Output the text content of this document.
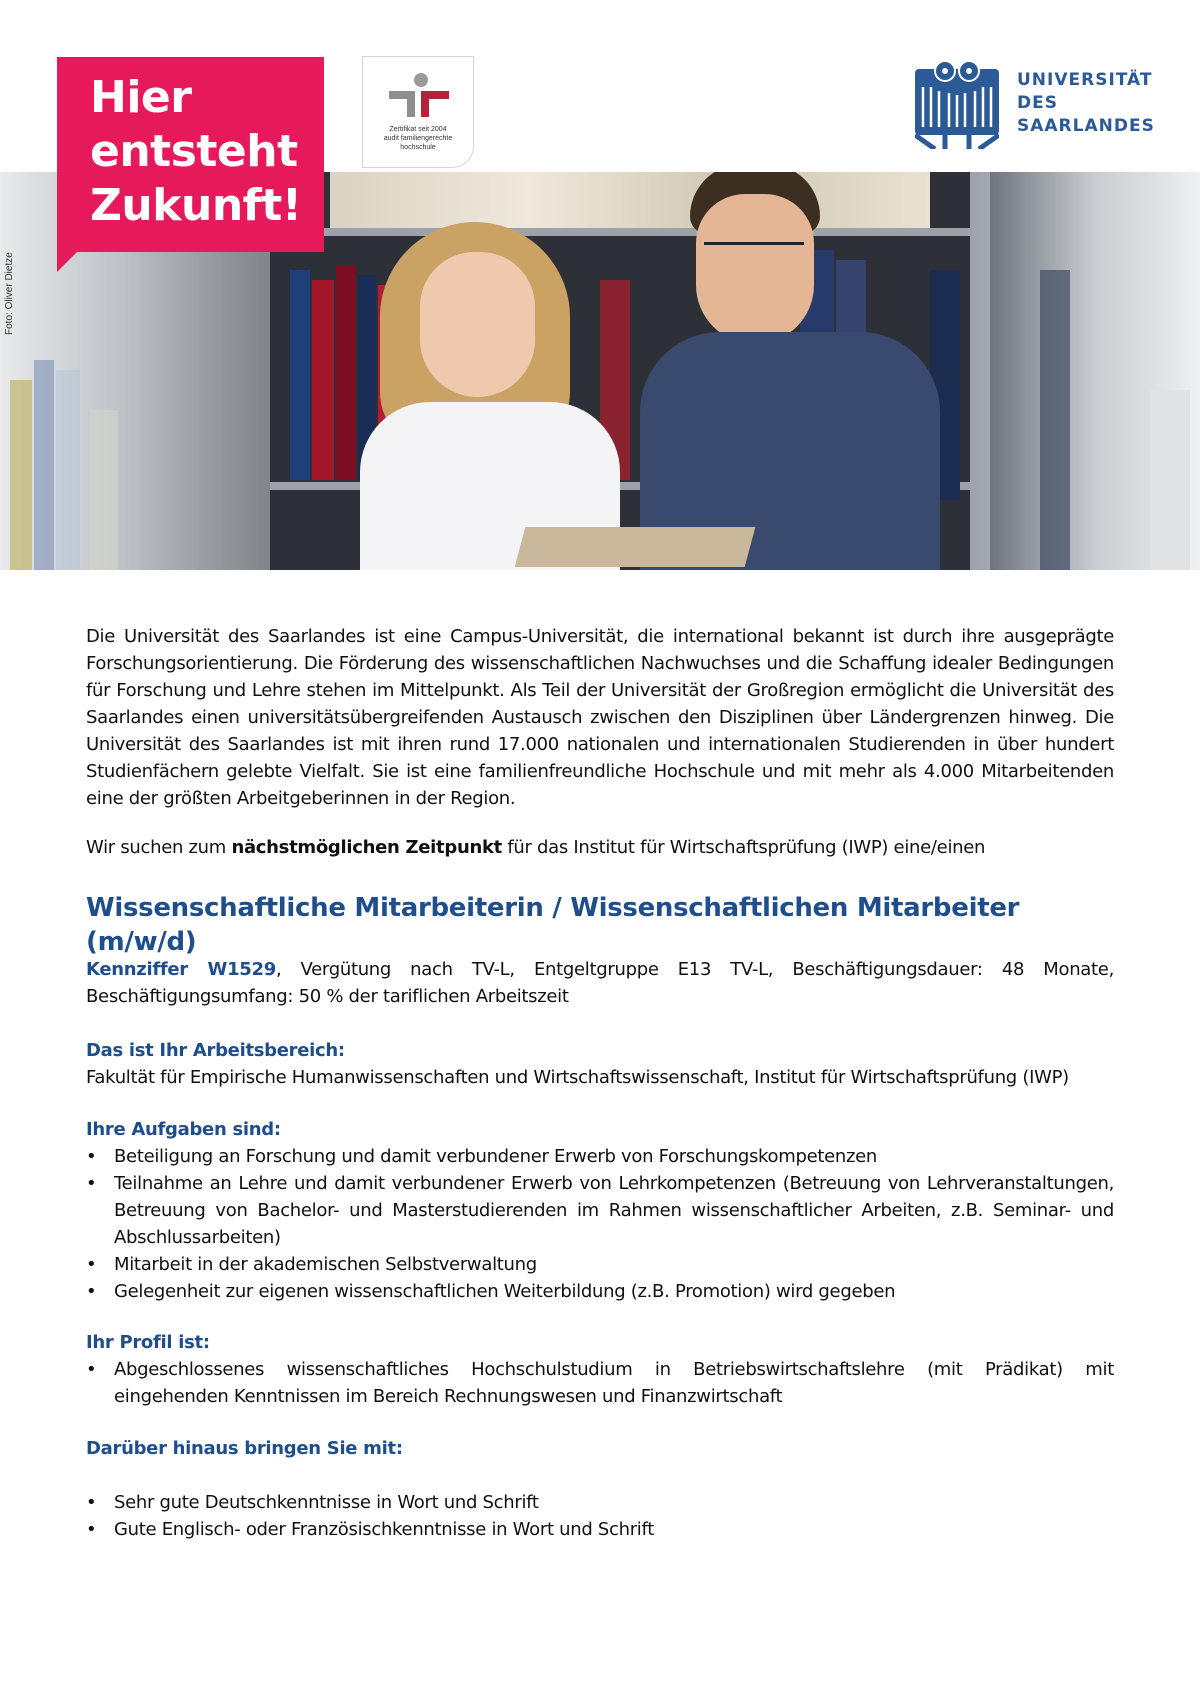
Foto: Oliver Dietze
Hier
entsteht
Zukunft!
Zertifikat seit 2004
audit familiengerechte
hochschule
UNIVERSITÄT
DES
SAARLANDES

Die Universität des Saarlandes ist eine Campus-Universität, die international bekannt ist durch ihre ausgeprägte Forschungsorientierung. Die Förderung des wissenschaftlichen Nachwuchses und die Schaffung idealer Bedingungen für Forschung und Lehre stehen im Mittelpunkt. Als Teil der Universität der Großregion ermöglicht die Universität des Saarlandes einen universitätsübergreifenden Austausch zwischen den Disziplinen über Ländergrenzen hinweg. Die Universität des Saarlandes ist mit ihren rund 17.000 nationalen und internationalen Studierenden in über hundert Studienfächern gelebte Vielfalt. Sie ist eine familienfreundliche Hochschule und mit mehr als 4.000 Mitarbeitenden eine der größten Arbeitgeberinnen in der Region.

Wir suchen zum nächstmöglichen Zeitpunkt für das Institut für Wirtschaftsprüfung (IWP) eine/einen

Wissenschaftliche Mitarbeiterin / Wissenschaftlichen Mitarbeiter (m/w/d)

Kennziffer W1529, Vergütung nach TV-L, Entgeltgruppe E13 TV-L, Beschäftigungsdauer: 48 Monate, Beschäftigungsumfang: 50 % der tariflichen Arbeitszeit

Das ist Ihr Arbeitsbereich:
Fakultät für Empirische Humanwissenschaften und Wirtschaftswissenschaft, Institut für Wirtschaftsprüfung (IWP)
Ihre Aufgaben sind:
• Beteiligung an Forschung und damit verbundener Erwerb von Forschungskompetenzen
• Teilnahme an Lehre und damit verbundener Erwerb von Lehrkompetenzen (Betreuung von Lehrveranstaltungen, Betreuung von Bachelor- und Masterstudierenden im Rahmen wissenschaftlicher Arbeiten, z.B. Seminar- und Abschlussarbeiten)
• Mitarbeit in der akademischen Selbstverwaltung
• Gelegenheit zur eigenen wissenschaftlichen Weiterbildung (z.B. Promotion) wird gegeben
Ihr Profil ist:
• Abgeschlossenes wissenschaftliches Hochschulstudium in Betriebswirtschaftslehre (mit Prädikat) mit eingehenden Kenntnissen im Bereich Rechnungswesen und Finanzwirtschaft
Darüber hinaus bringen Sie mit:
• Sehr gute Deutschkenntnisse in Wort und Schrift
• Gute Englisch- oder Französischkenntnisse in Wort und Schrift
